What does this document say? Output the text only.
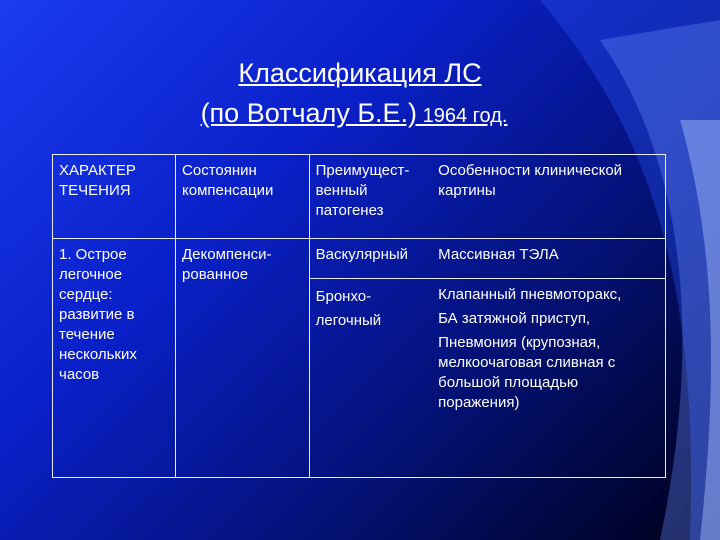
Классификация ЛС
(по Вотчалу Б.Е.) 1964 год.
ХАРАКТЕР ТЕЧЕНИЯ	Состоянин компенсации	Преимущест-венный патогенез	Особенности клинической картины
1. Острое легочное сердце: развитие в течение нескольких часов	Декомпенси-рованное	Васкулярный	Массивная ТЭЛА
		Бронхо-легочный	Клапанный пневмоторакс,
БА затяжной приступ,
Пневмония (крупозная, мелкоочаговая сливная с большой площадью поражения)
